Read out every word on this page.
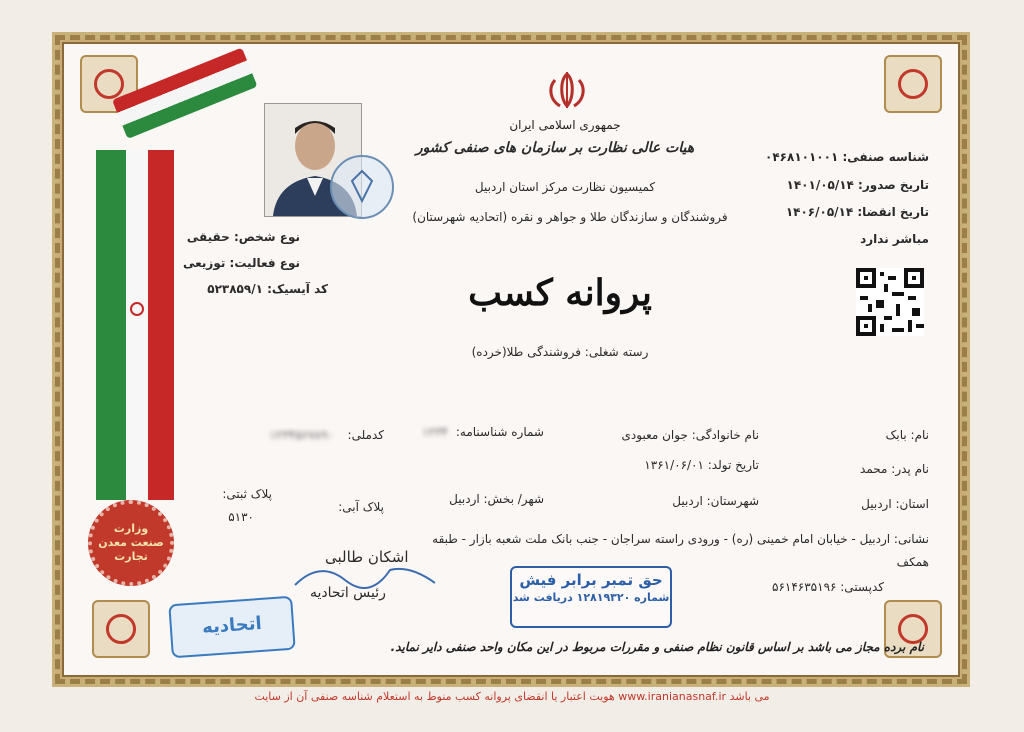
وزارت
صنعت معدن
تجارت
جمهوری اسلامی ایران
هیات عالی نظارت بر سازمان های صنفی کشور
کمیسیون نظارت مرکز استان اردبیل
فروشندگان و سازندگان طلا و جواهر و نقره (اتحادیه شهرستان)
شناسه صنفی: ۰۴۶۸۱۰۱۰۰۱
تاریخ صدور: ۱۴۰۱/۰۵/۱۴
تاریخ انقضا: ۱۴۰۶/۰۵/۱۴
مباشر ندارد
نوع شخص: حقیقی
نوع فعالیت: توزیعی
کد آیسیک: ۵۲۳۸۵۹/۱	پروانه کسب
رسته شغلی: فروشندگی طلا(خرده)
نام: بابک
نام خانوادگی: جوان معبودی
شماره شناسنامه:
۱۲۳۴
کدملی:
۱۲۳۴۵۶۷۸۹۰
نام پدر: محمد
تاریخ تولد: ۱۳۶۱/۰۶/۰۱
استان: اردبیل
شهرستان: اردبیل
شهر/ بخش: اردبیل
پلاک آبی:
پلاک ثبتی:
۵۱۳۰
نشانی: اردبیل - خیابان امام خمینی (ره) - ورودی راسته سراجان - جنب بانک ملت شعبه بازار - طبقه
همکف
کدپستی: ۵۶۱۴۶۳۵۱۹۶
اشکان طالبی
رئیس اتحادیه
اتحادیه
حق تمبر برابر فیش
شماره ۱۲۸۱۹۳۲۰ دریافت شد
نام برده مجاز می باشد بر اساس قانون نظام صنفی و مقررات مربوط در این مکان واحد صنفی دایر نماید.
هویت اعتبار یا انقضای پروانه کسب منوط به استعلام شناسه صنفی آن از سایت www.iranianasnaf.ir می باشد
